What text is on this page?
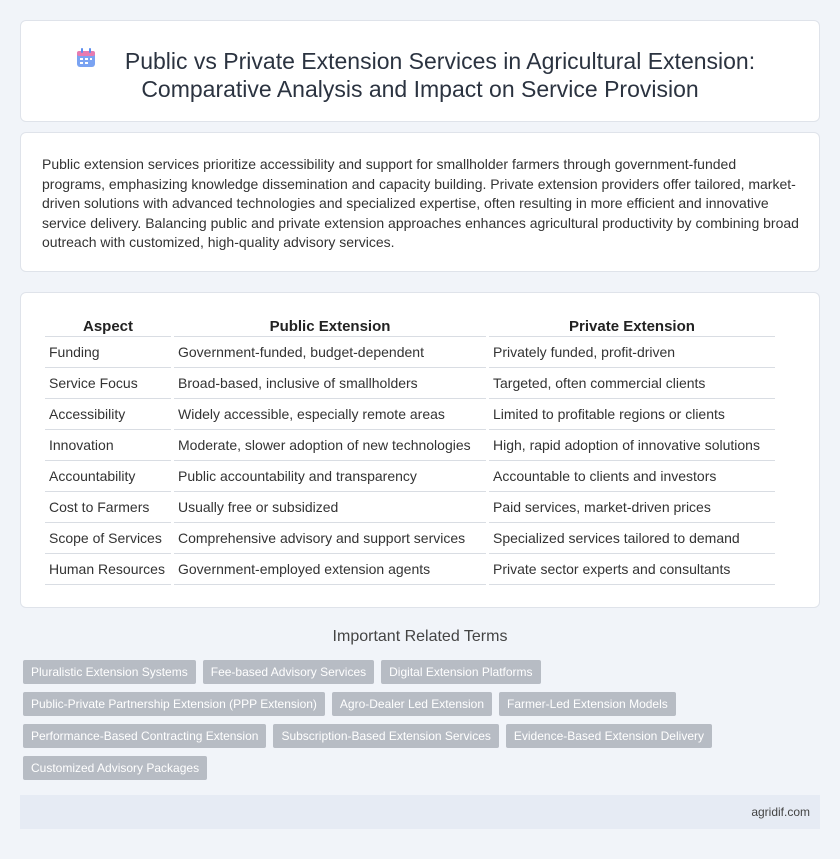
Public vs Private Extension Services in Agricultural Extension:
Comparative Analysis and Impact on Service Provision

Public extension services prioritize accessibility and support for smallholder farmers through government-funded programs, emphasizing knowledge dissemination and capacity building. Private extension providers offer tailored, market-driven solutions with advanced technologies and specialized expertise, often resulting in more efficient and innovative service delivery. Balancing public and private extension approaches enhances agricultural productivity by combining broad outreach with customized, high-quality advisory services.

Aspect	Public Extension	Private Extension
Funding	Government-funded, budget-dependent	Privately funded, profit-driven
Service Focus	Broad-based, inclusive of smallholders	Targeted, often commercial clients
Accessibility	Widely accessible, especially remote areas	Limited to profitable regions or clients
Innovation	Moderate, slower adoption of new technologies	High, rapid adoption of innovative solutions
Accountability	Public accountability and transparency	Accountable to clients and investors
Cost to Farmers	Usually free or subsidized	Paid services, market-driven prices
Scope of Services	Comprehensive advisory and support services	Specialized services tailored to demand
Human Resources	Government-employed extension agents	Private sector experts and consultants
Important Related Terms
Pluralistic Extension Systems	Fee-based Advisory Services	Digital Extension Platforms
Public-Private Partnership Extension (PPP Extension)	Agro-Dealer Led Extension	Farmer-Led Extension Models
Performance-Based Contracting Extension	Subscription-Based Extension Services	Evidence-Based Extension Delivery
Customized Advisory Packages
agridif.com
